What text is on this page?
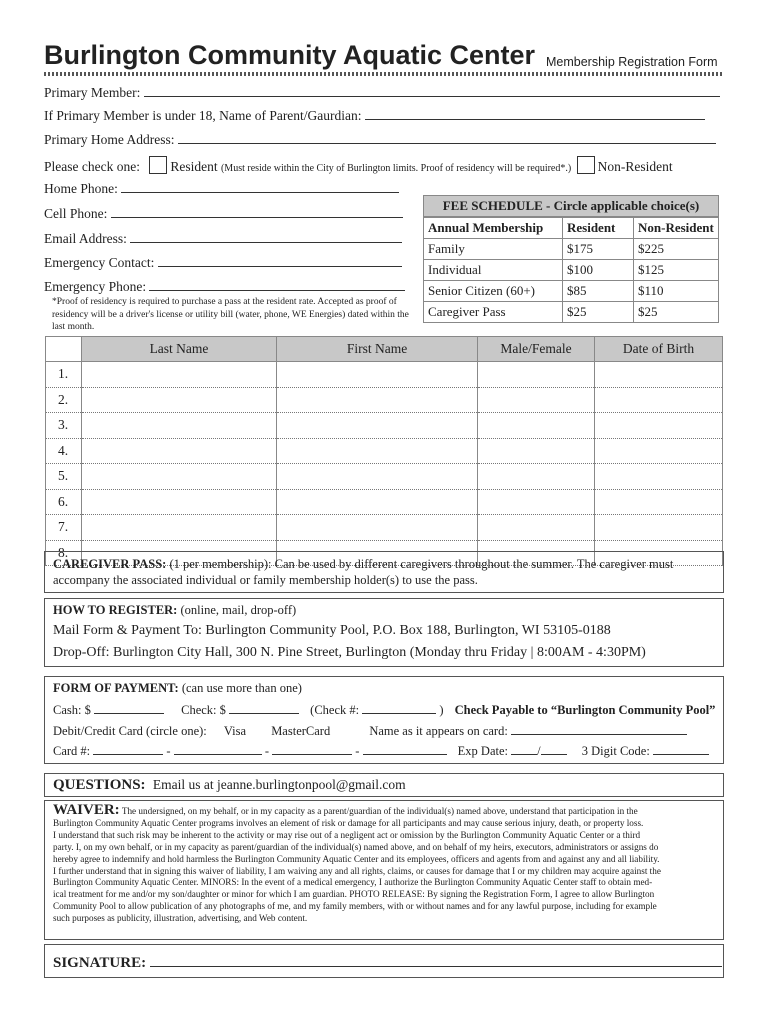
Burlington Community Aquatic Center Membership Registration Form
Primary Member:
If Primary Member is under 18, Name of Parent/Gaurdian:
Primary Home Address:
Please check one: Resident (Must reside within the City of Burlington limits. Proof of residency will be required*.) Non-Resident
Home Phone:
Cell Phone:
Email Address:
Emergency Contact:
Emergency Phone:
*Proof of residency is required to purchase a pass at the resident rate. Accepted as proof of residency will be a driver's license or utility bill (water, phone, WE Energies) dated within the last month.
FEE SCHEDULE - Circle applicable choice(s)
Annual Membership	Resident	Non-Resident
Family	$175	$225
Individual	$100	$125
Senior Citizen (60+)	$85	$110
Caregiver Pass	$25	$25
	Last Name	First Name	Male/Female	Date of Birth
1.				
2.				
3.				
4.				
5.				
6.				
7.				
8.				
CAREGIVER PASS: (1 per membership): Can be used by different caregivers throughout the summer. The caregiver must
accompany the associated individual or family membership holder(s) to use the pass.
HOW TO REGISTER: (online, mail, drop-off)
Mail Form & Payment To: Burlington Community Pool, P.O. Box 188, Burlington, WI 53105-0188
Drop-Off: Burlington City Hall, 300 N. Pine Street, Burlington (Monday thru Friday | 8:00AM - 4:30PM)
FORM OF PAYMENT: (can use more than one)
Cash: $	Check: $	(Check #:	) Check Payable to “Burlington Community Pool”
Debit/Credit Card (circle one): Visa MasterCard	Name as it appears on card:
Card #:	-	-	-	Exp Date: /	3 Digit Code:
QUESTIONS: Email us at jeanne.burlingtonpool@gmail.com
WAIVER: The undersigned, on my behalf, or in my capacity as a parent/guardian of the individual(s) named above, understand that participation in the
Burlington Community Aquatic Center programs involves an element of risk or damage for all participants and may cause serious injury, death, or property loss.
I understand that such risk may be inherent to the activity or may rise out of a negligent act or omission by the Burlington Community Aquatic Center or a third
party. I, on my own behalf, or in my capacity as parent/guardian of the individual(s) named above, and on behalf of my heirs, executors, administrators or assigns do
hereby agree to indemnify and hold harmless the Burlington Community Aquatic Center and its employees, officers and agents from and against any and all liability.
I further understand that in signing this waiver of liability, I am waiving any and all rights, claims, or causes for damage that I or my children may acquire against the
Burlington Community Aquatic Center. MINORS: In the event of a medical emergency, I authorize the Burlington Community Aquatic Center staff to obtain med-
ical treatment for me and/or my son/daughter or minor for which I am guardian. PHOTO RELEASE: By signing the Registration Form, I agree to allow Burlington
Community Pool to allow publication of any photographs of me, and my family members, with or without names and for any lawful purpose, including for example
such purposes as publicity, illustration, advertising, and Web content.
SIGNATURE:
